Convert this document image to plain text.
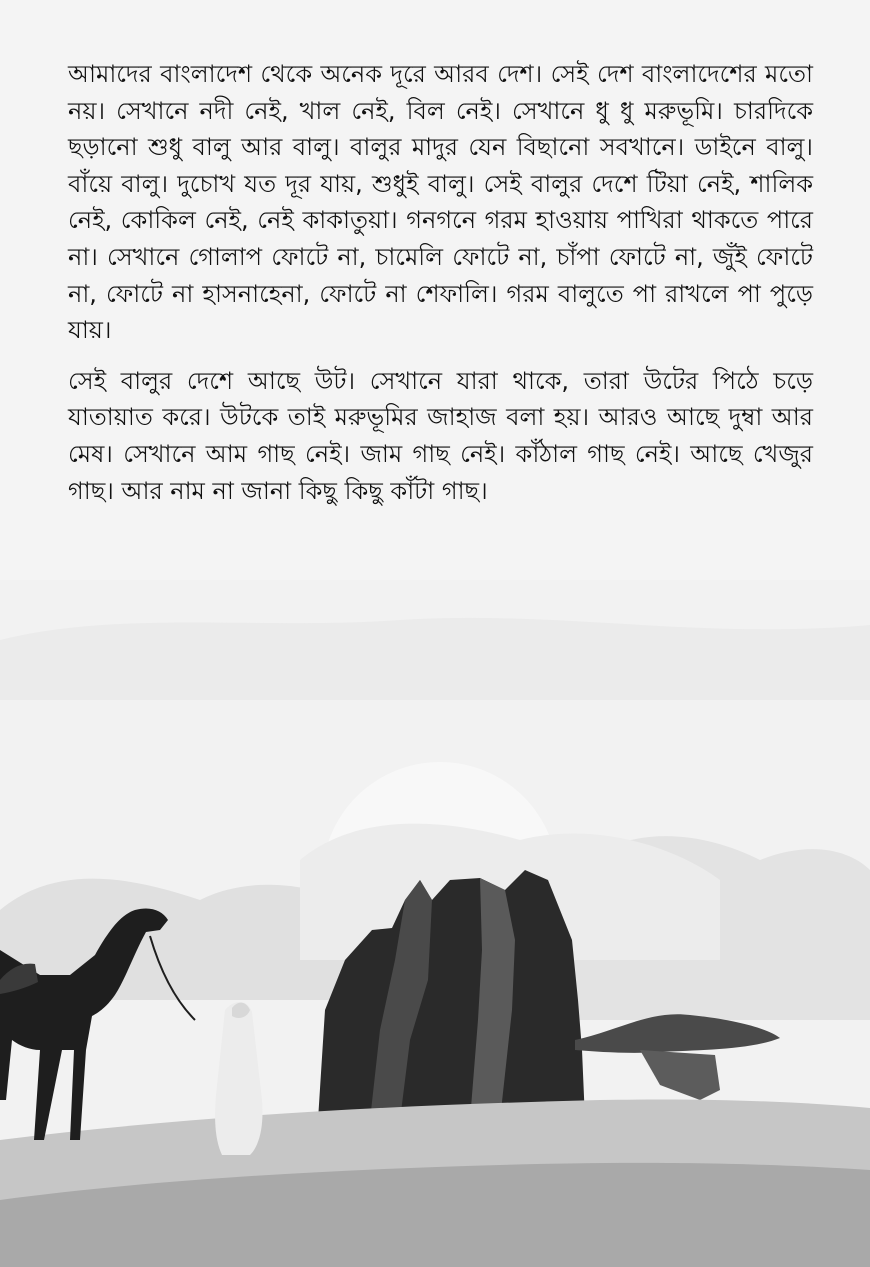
আমাদের বাংলাদেশ থেকে অনেক দূরে আরব দেশ। সেই দেশ বাংলাদেশের মতো নয়। সেখানে নদী নেই, খাল নেই, বিল নেই। সেখানে ধু ধু মরুভূমি। চারদিকে ছড়ানো শুধু বালু আর বালু। বালুর মাদুর যেন বিছানো সবখানে। ডাইনে বালু। বাঁয়ে বালু। দুচোখ যত দূর যায়, শুধুই বালু। সেই বালুর দেশে টিয়া নেই, শালিক নেই, কোকিল নেই, নেই কাকাতুয়া। গনগনে গরম হাওয়ায় পাখিরা থাকতে পারে না। সেখানে গোলাপ ফোটে না, চামেলি ফোটে না, চাঁপা ফোটে না, জুঁই ফোটে না, ফোটে না হাসনাহেনা, ফোটে না শেফালি। গরম বালুতে পা রাখলে পা পুড়ে যায়।

সেই বালুর দেশে আছে উট। সেখানে যারা থাকে, তারা উটের পিঠে চড়ে যাতায়াত করে। উটকে তাই মরুভূমির জাহাজ বলা হয়। আরও আছে দুম্বা আর মেষ। সেখানে আম গাছ নেই। জাম গাছ নেই। কাঁঠাল গাছ নেই। আছে খেজুর গাছ। আর নাম না জানা কিছু কিছু কাঁটা গাছ।
